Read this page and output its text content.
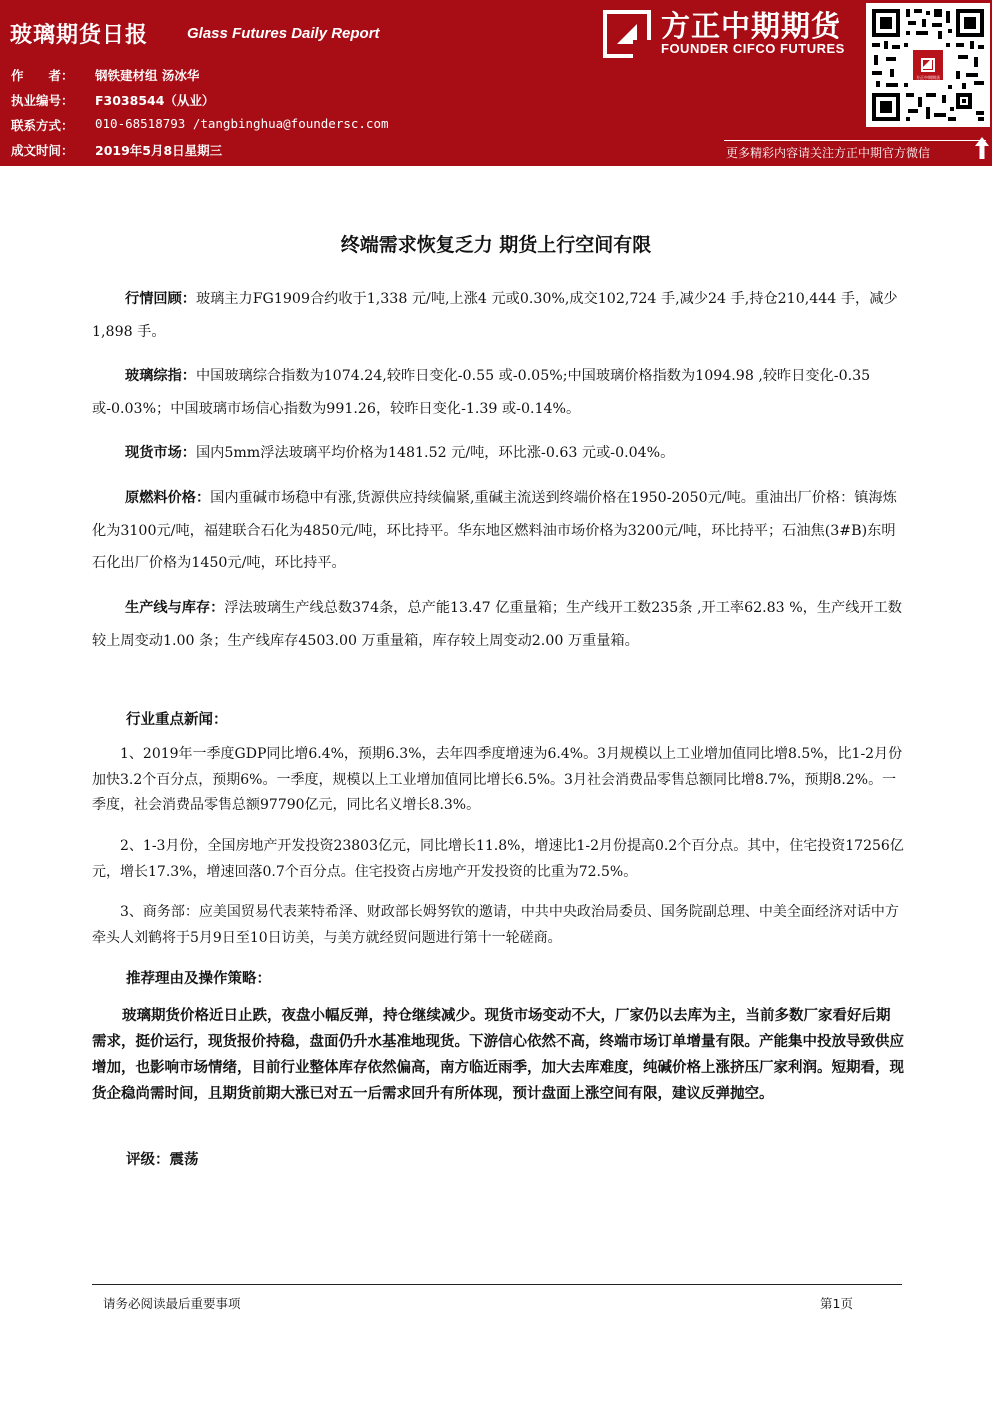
玻璃期货日报	Glass Futures Daily Report
作　　者： 钢铁建材组 汤冰华
执业编号： F3038544（从业）
联系方式： 010-68518793 /tangbinghua@foundersc.com
成文时间： 2019年5月8日星期三
方正中期期货
FOUNDER CIFCO FUTURES
方正中期期货
更多精彩内容请关注方正中期官方微信
终端需求恢复乏力 期货上行空间有限
行情回顾：玻璃主力FG1909合约收于1,338 元/吨,上涨4 元或0.30%,成交102,724 手,减少24 手,持仓210,444 手，减少1,898 手。
玻璃综指：中国玻璃综合指数为1074.24,较昨日变化-0.55 或-0.05%;中国玻璃价格指数为1094.98 ,较昨日变化-0.35 或-0.03%；中国玻璃市场信心指数为991.26，较昨日变化-1.39 或-0.14%。
现货市场：国内5mm浮法玻璃平均价格为1481.52 元/吨，环比涨-0.63 元或-0.04%。
原燃料价格：国内重碱市场稳中有涨,货源供应持续偏紧,重碱主流送到终端价格在1950-2050元/吨。重油出厂价格：镇海炼化为3100元/吨，福建联合石化为4850元/吨，环比持平。华东地区燃料油市场价格为3200元/吨，环比持平；石油焦(3#B)东明石化出厂价格为1450元/吨，环比持平。
生产线与库存：浮法玻璃生产线总数374条，总产能13.47 亿重量箱；生产线开工数235条 ,开工率62.83 %，生产线开工数较上周变动1.00 条；生产线库存4503.00 万重量箱，库存较上周变动2.00 万重量箱。
行业重点新闻：
1、2019年一季度GDP同比增6.4%，预期6.3%，去年四季度增速为6.4%。3月规模以上工业增加值同比增8.5%，比1-2月份加快3.2个百分点，预期6%。一季度，规模以上工业增加值同比增长6.5%。3月社会消费品零售总额同比增8.7%，预期8.2%。一季度，社会消费品零售总额97790亿元，同比名义增长8.3%。
2、1-3月份，全国房地产开发投资23803亿元，同比增长11.8%，增速比1-2月份提高0.2个百分点。其中，住宅投资17256亿元，增长17.3%，增速回落0.7个百分点。住宅投资占房地产开发投资的比重为72.5%。
3、商务部：应美国贸易代表莱特希泽、财政部长姆努钦的邀请，中共中央政治局委员、国务院副总理、中美全面经济对话中方牵头人刘鹤将于5月9日至10日访美，与美方就经贸问题进行第十一轮磋商。
推荐理由及操作策略：
玻璃期货价格近日止跌，夜盘小幅反弹，持仓继续减少。现货市场变动不大，厂家仍以去库为主，当前多数厂家看好后期需求，挺价运行，现货报价持稳，盘面仍升水基准地现货。下游信心依然不高，终端市场订单增量有限。产能集中投放导致供应增加，也影响市场情绪，目前行业整体库存依然偏高，南方临近雨季，加大去库难度，纯碱价格上涨挤压厂家利润。短期看，现货企稳尚需时间，且期货前期大涨已对五一后需求回升有所体现，预计盘面上涨空间有限，建议反弹抛空。
评级：震荡
请务必阅读最后重要事项	第1页
